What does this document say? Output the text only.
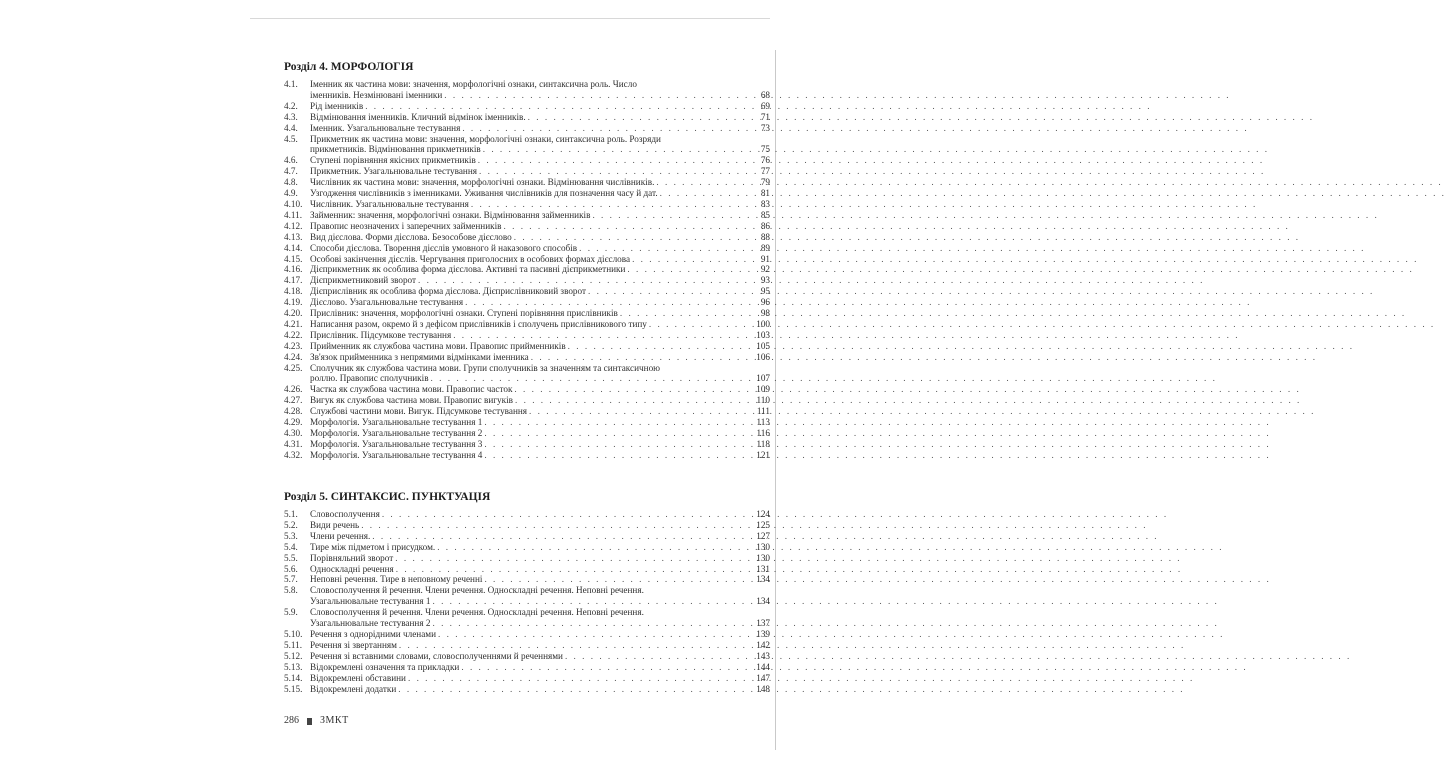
Розділ 4. МОРФОЛОГІЯ
4.1.	Іменник як частина мови: значення, морфологічні ознаки, синтаксична роль. Число
іменників. Незмінювані іменники . . .	68
4.2.	Рід іменників . . .	69
4.3.	Відмінювання іменників. Кличний відмінок іменників. . . .	71
4.4.	Іменник. Узагальнювальне тестування . . .	73
4.5.	Прикметник як частина мови: значення, морфологічні ознаки, синтаксична роль. Розряди
прикметників. Відмінювання прикметників . . .	75
4.6.	Ступені порівняння якісних прикметників . . .	76
4.7.	Прикметник. Узагальнювальне тестування . . .	77
4.8.	Числівник як частина мови: значення, морфологічні ознаки. Відмінювання числівників. . . .	79
4.9.	Узгодження числівників з іменниками. Уживання числівників для позначення часу й дат. . . .	81
4.10. Числівник. Узагальнювальне тестування . . .	83
4.11. Займенник: значення, морфологічні ознаки. Відмінювання займенників . . .	85
4.12. Правопис неозначених і заперечних займенників . . .	86
4.13. Вид дієслова. Форми дієслова. Безособове дієслово . . .	88
4.14. Способи дієслова. Творення дієслів умовного й наказового способів . . .	89
4.15. Особові закінчення дієслів. Чергування приголосних в особових формах дієслова . . .	91
4.16. Дієприкметник як особлива форма дієслова. Активні та пасивні дієприкметники . . .	92
4.17. Дієприкметниковий зворот . . .	93
4.18. Дієприслівник як особлива форма дієслова. Дієприслівниковий зворот . . .	95
4.19. Дієслово. Узагальнювальне тестування . . .	96
4.20. Прислівник: значення, морфологічні ознаки. Ступені порівняння прислівників . . .	98
4.21. Написання разом, окремо й з дефісом прислівників і сполучень прислівникового типу . . .	100
4.22. Прислівник. Підсумкове тестування . . .	103
4.23. Прийменник як службова частина мови. Правопис прийменників . . .	105
4.24. Зв'язок прийменника з непрямими відмінками іменника . . .	106
4.25. Сполучник як службова частина мови. Групи сполучників за значенням та синтаксичною
роллю. Правопис сполучників . . .	107
4.26. Частка як службова частина мови. Правопис часток . . .	109
4.27. Вигук як службова частина мови. Правопис вигуків . . .	110
4.28. Службові частини мови. Вигук. Підсумкове тестування . . .	111
4.29. Морфологія. Узагальнювальне тестування 1 . . .	113
4.30. Морфологія. Узагальнювальне тестування 2 . . .	116
4.31. Морфологія. Узагальнювальне тестування 3 . . .	118
4.32. Морфологія. Узагальнювальне тестування 4 . . .	121
Розділ 5. СИНТАКСИС. ПУНКТУАЦІЯ
5.1.	Словосполучення . . .	124
5.2.	Види речень . . .	125
5.3.	Члени речення. . . .	127
5.4.	Тире між підметом і присудком. . . .	130
5.5.	Порівняльний зворот . . .	130
5.6.	Односкладні речення . . .	131
5.7.	Неповні речення. Тире в неповному реченні . . .	134
5.8.	Словосполучення й речення. Члени речення. Односкладні речення. Неповні речення.
Узагальнювальне тестування 1 . . .	134
5.9.	Словосполучення й речення. Члени речення. Односкладні речення. Неповні речення.
Узагальнювальне тестування 2 . . .	137
5.10. Речення з однорідними членами . . .	139
5.11. Речення зі звертанням . . .	142
5.12. Речення зі вставними словами, словосполученнями й реченнями . . .	143
5.13. Відокремлені означення та прикладки . . .	144
5.14. Відокремлені обставини . . .	147
5.15. Відокремлені додатки . . .	148
286 ЗМКТ
